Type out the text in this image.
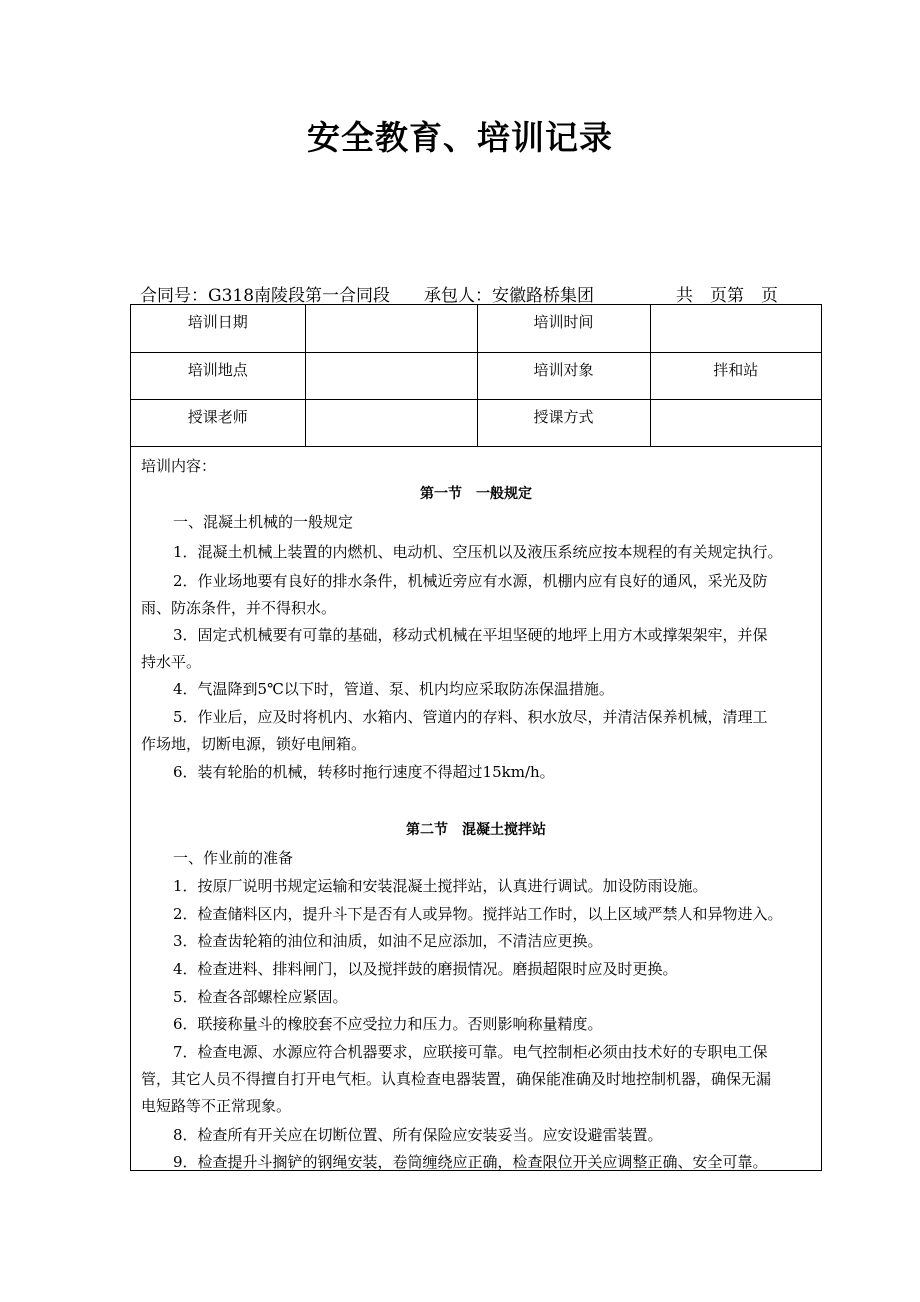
安全教育、培训记录
合同号：G318南陵段第一合同段 承包人：安徽路桥集团	共　页第　页
培训日期		培训时间	
培训地点		培训对象	拌和站
授课老师		授课方式	
培训内容：
第一节　一般规定
一、混凝土机械的一般规定
1．混凝土机械上装置的内燃机、电动机、空压机以及液压系统应按本规程的有关规定执行。
2．作业场地要有良好的排水条件，机械近旁应有水源，机棚内应有良好的通风，采光及防
雨、防冻条件，并不得积水。
3．固定式机械要有可靠的基础，移动式机械在平坦坚硬的地坪上用方木或撑架架牢，并保
持水平。
4．气温降到5℃以下时，管道、泵、机内均应采取防冻保温措施。
5．作业后，应及时将机内、水箱内、管道内的存料、积水放尽，并清洁保养机械，清理工
作场地，切断电源，锁好电闸箱。
6．装有轮胎的机械，转移时拖行速度不得超过15km/h。
第二节　混凝土搅拌站
一、作业前的准备
1．按原厂说明书规定运输和安装混凝土搅拌站，认真进行调试。加设防雨设施。
2．检查储料区内，提升斗下是否有人或异物。搅拌站工作时，以上区域严禁人和异物进入。
3．检查齿轮箱的油位和油质，如油不足应添加，不清洁应更换。
4．检查进料、排料闸门，以及搅拌鼓的磨损情况。磨损超限时应及时更换。
5．检查各部螺栓应紧固。
6．联接称量斗的橡胶套不应受拉力和压力。否则影响称量精度。
7．检查电源、水源应符合机器要求，应联接可靠。电气控制柜必须由技术好的专职电工保
管，其它人员不得擅自打开电气柜。认真检查电器装置，确保能准确及时地控制机器，确保无漏
电短路等不正常现象。
8．检查所有开关应在切断位置、所有保险应安装妥当。应安设避雷装置。
9．检查提升斗搁铲的钢绳安装，卷筒缠绕应正确，检查限位开关应调整正确、安全可靠。
